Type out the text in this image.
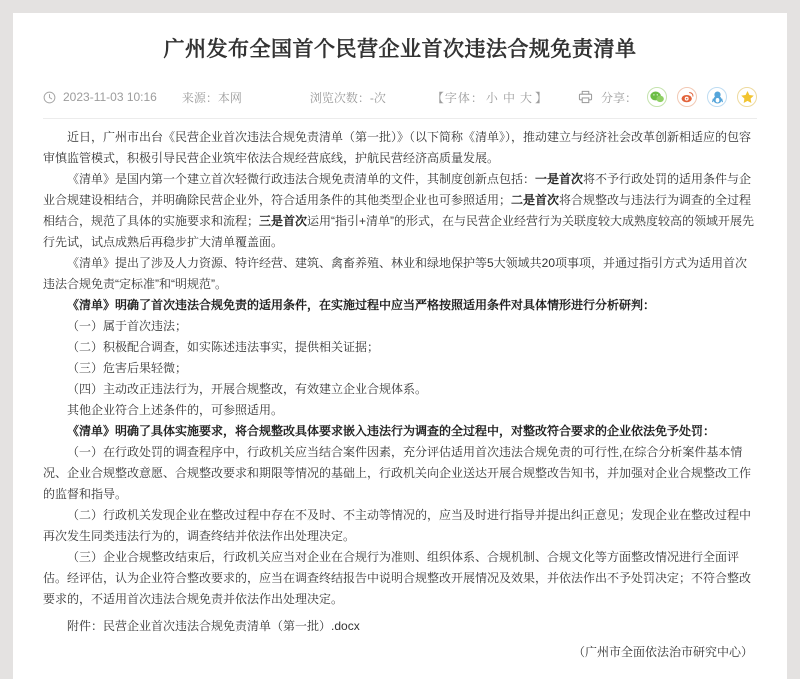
广州发布全国首个民营企业首次违法合规免责清单
2023-11-03 10:16 来源：本网	浏览次数：-次	【字体： 小 中 大 】	分享：

近日，广州市出台《民营企业首次违法合规免责清单（第一批）》（以下简称《清单》），推动建立与经济社会改革创新相适应的包容审慎监管模式，积极引导民营企业筑牢依法合规经营底线，护航民营经济高质量发展。

《清单》是国内第一个建立首次轻微行政违法合规免责清单的文件，其制度创新点包括：一是首次将不予行政处罚的适用条件与企业合规建设相结合，并明确除民营企业外，符合适用条件的其他类型企业也可参照适用；二是首次将合规整改与违法行为调查的全过程相结合，规范了具体的实施要求和流程；三是首次运用“指引+清单”的形式，在与民营企业经营行为关联度较大成熟度较高的领域开展先行先试，试点成熟后再稳步扩大清单覆盖面。

《清单》提出了涉及人力资源、特许经营、建筑、禽畜养殖、林业和绿地保护等5大领域共20项事项，并通过指引方式为适用首次违法合规免责“定标准”和“明规范”。

《清单》明确了首次违法合规免责的适用条件，在实施过程中应当严格按照适用条件对具体情形进行分析研判：

（一）属于首次违法；

（二）积极配合调查，如实陈述违法事实，提供相关证据；

（三）危害后果轻微；

（四）主动改正违法行为，开展合规整改，有效建立企业合规体系。

其他企业符合上述条件的，可参照适用。

《清单》明确了具体实施要求，将合规整改具体要求嵌入违法行为调查的全过程中，对整改符合要求的企业依法免予处罚：

（一）在行政处罚的调查程序中，行政机关应当结合案件因素，充分评估适用首次违法合规免责的可行性,在综合分析案件基本情况、企业合规整改意愿、合规整改要求和期限等情况的基础上，行政机关向企业送达开展合规整改告知书，并加强对企业合规整改工作的监督和指导。

（二）行政机关发现企业在整改过程中存在不及时、不主动等情况的，应当及时进行指导并提出纠正意见；发现企业在整改过程中再次发生同类违法行为的，调查终结并依法作出处理决定。

（三）企业合规整改结束后，行政机关应当对企业在合规行为准则、组织体系、合规机制、合规文化等方面整改情况进行全面评估。经评估，认为企业符合整改要求的，应当在调查终结报告中说明合规整改开展情况及效果，并依法作出不予处罚决定；不符合整改要求的，不适用首次违法合规免责并依法作出处理决定。

附件：民营企业首次违法合规免责清单（第一批）.docx

（广州市全面依法治市研究中心）
